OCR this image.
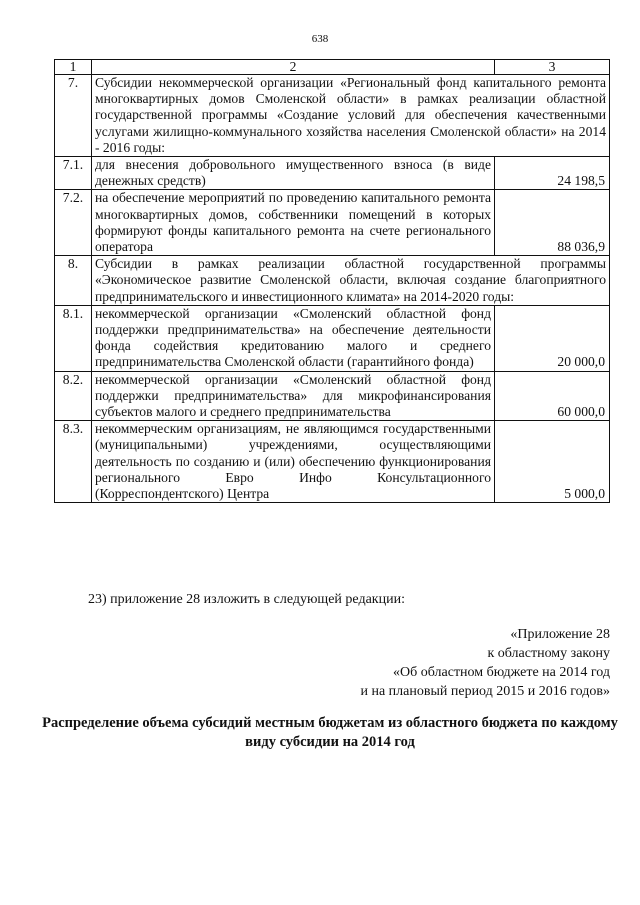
638
1	2	3
7.	Субсидии некоммерческой организации «Региональный фонд капитального ремонта многоквартирных домов Смоленской области» в рамках реализации областной государственной программы «Создание условий для обеспечения качественными услугами жилищно-коммунального хозяйства населения Смоленской области» на 2014 - 2016 годы:	
7.1.	для внесения добровольного имущественного взноса (в виде денежных средств)	24 198,5
7.2.	на обеспечение мероприятий по проведению капитального ремонта многоквартирных домов, собственники помещений в которых формируют фонды капитального ремонта на счете регионального оператора	88 036,9
8.	Субсидии в рамках реализации областной государственной программы «Экономическое развитие Смоленской области, включая создание благоприятного предпринимательского и инвестиционного климата» на 2014-2020 годы:	
8.1.	некоммерческой организации «Смоленский областной фонд поддержки предпринимательства» на обеспечение деятельности фонда содействия кредитованию малого и среднего предпринимательства Смоленской области (гарантийного фонда)	20 000,0
8.2.	некоммерческой организации «Смоленский областной фонд поддержки предпринимательства» для микрофинансирования субъектов малого и среднего предпринимательства	60 000,0
8.3.	некоммерческим организациям, не являющимся государственными (муниципальными) учреждениями, осуществляющими деятельность по созданию и (или) обеспечению функционирования регионального Евро Инфо Консультационного (Корреспондентского) Центра	5 000,0
23) приложение 28 изложить в следующей редакции:
«Приложение 28
к областному закону
«Об областном бюджете на 2014 год
и на плановый период 2015 и 2016 годов»
Распределение объема субсидий местным бюджетам из областного бюджета по каждому виду субсидии на 2014 год
